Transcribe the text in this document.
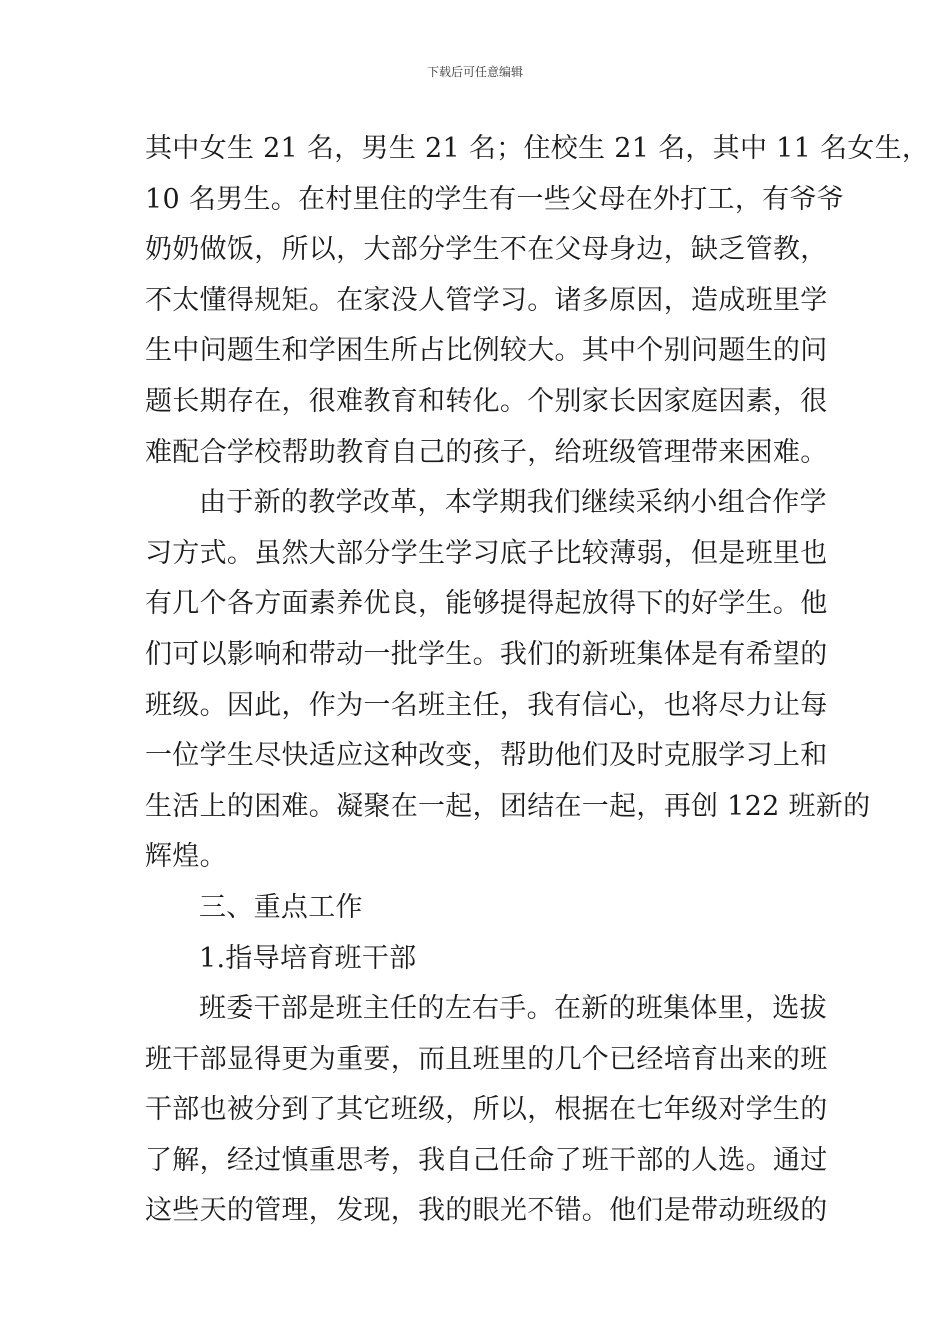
下载后可任意编辑
其中女生 21 名，男生 21 名；住校生 21 名，其中 11 名女生，
10 名男生。在村里住的学生有一些父母在外打工，有爷爷
奶奶做饭，所以，大部分学生不在父母身边，缺乏管教，
不太懂得规矩。在家没人管学习。诸多原因，造成班里学
生中问题生和学困生所占比例较大。其中个别问题生的问
题长期存在，很难教育和转化。个别家长因家庭因素，很
难配合学校帮助教育自己的孩子，给班级管理带来困难。
由于新的教学改革，本学期我们继续采纳小组合作学
习方式。虽然大部分学生学习底子比较薄弱，但是班里也
有几个各方面素养优良，能够提得起放得下的好学生。他
们可以影响和带动一批学生。我们的新班集体是有希望的
班级。因此，作为一名班主任，我有信心，也将尽力让每
一位学生尽快适应这种改变，帮助他们及时克服学习上和
生活上的困难。凝聚在一起，团结在一起，再创 122 班新的
辉煌。
三、重点工作
1.指导培育班干部
班委干部是班主任的左右手。在新的班集体里，选拔
班干部显得更为重要，而且班里的几个已经培育出来的班
干部也被分到了其它班级，所以，根据在七年级对学生的
了解，经过慎重思考，我自己任命了班干部的人选。通过
这些天的管理，发现，我的眼光不错。他们是带动班级的
